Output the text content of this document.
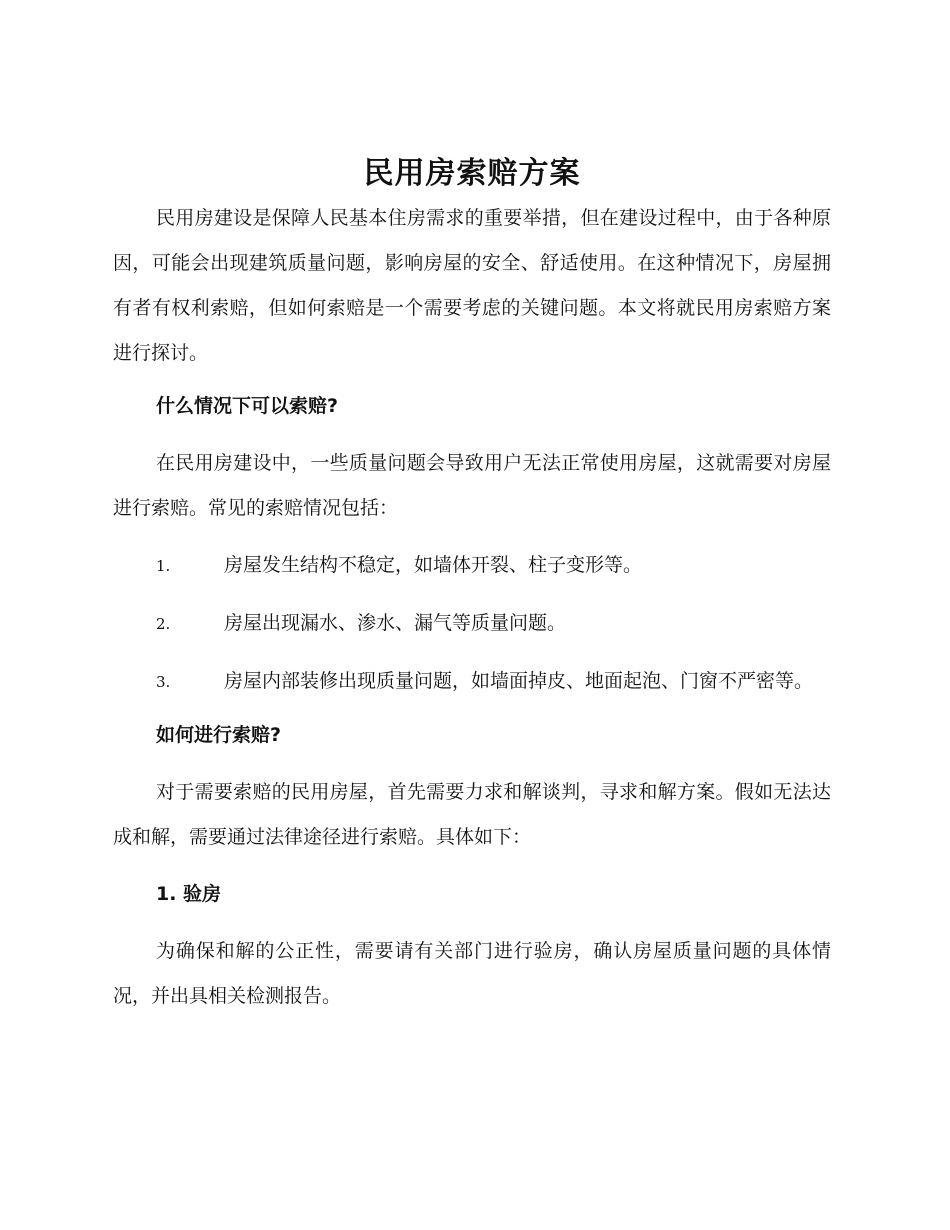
民用房索赔方案

民用房建设是保障人民基本住房需求的重要举措，但在建设过程中，由于各种原因，可能会出现建筑质量问题，影响房屋的安全、舒适使用。在这种情况下，房屋拥有者有权利索赔，但如何索赔是一个需要考虑的关键问题。本文将就民用房索赔方案进行探讨。

什么情况下可以索赔?

在民用房建设中，一些质量问题会导致用户无法正常使用房屋，这就需要对房屋进行索赔。常见的索赔情况包括：

1.	房屋发生结构不稳定，如墙体开裂、柱子变形等。

2.	房屋出现漏水、渗水、漏气等质量问题。

3.	房屋内部装修出现质量问题，如墙面掉皮、地面起泡、门窗不严密等。

如何进行索赔?

对于需要索赔的民用房屋，首先需要力求和解谈判，寻求和解方案。假如无法达成和解，需要通过法律途径进行索赔。具体如下：

1. 验房

为确保和解的公正性，需要请有关部门进行验房，确认房屋质量问题的具体情况，并出具相关检测报告。
